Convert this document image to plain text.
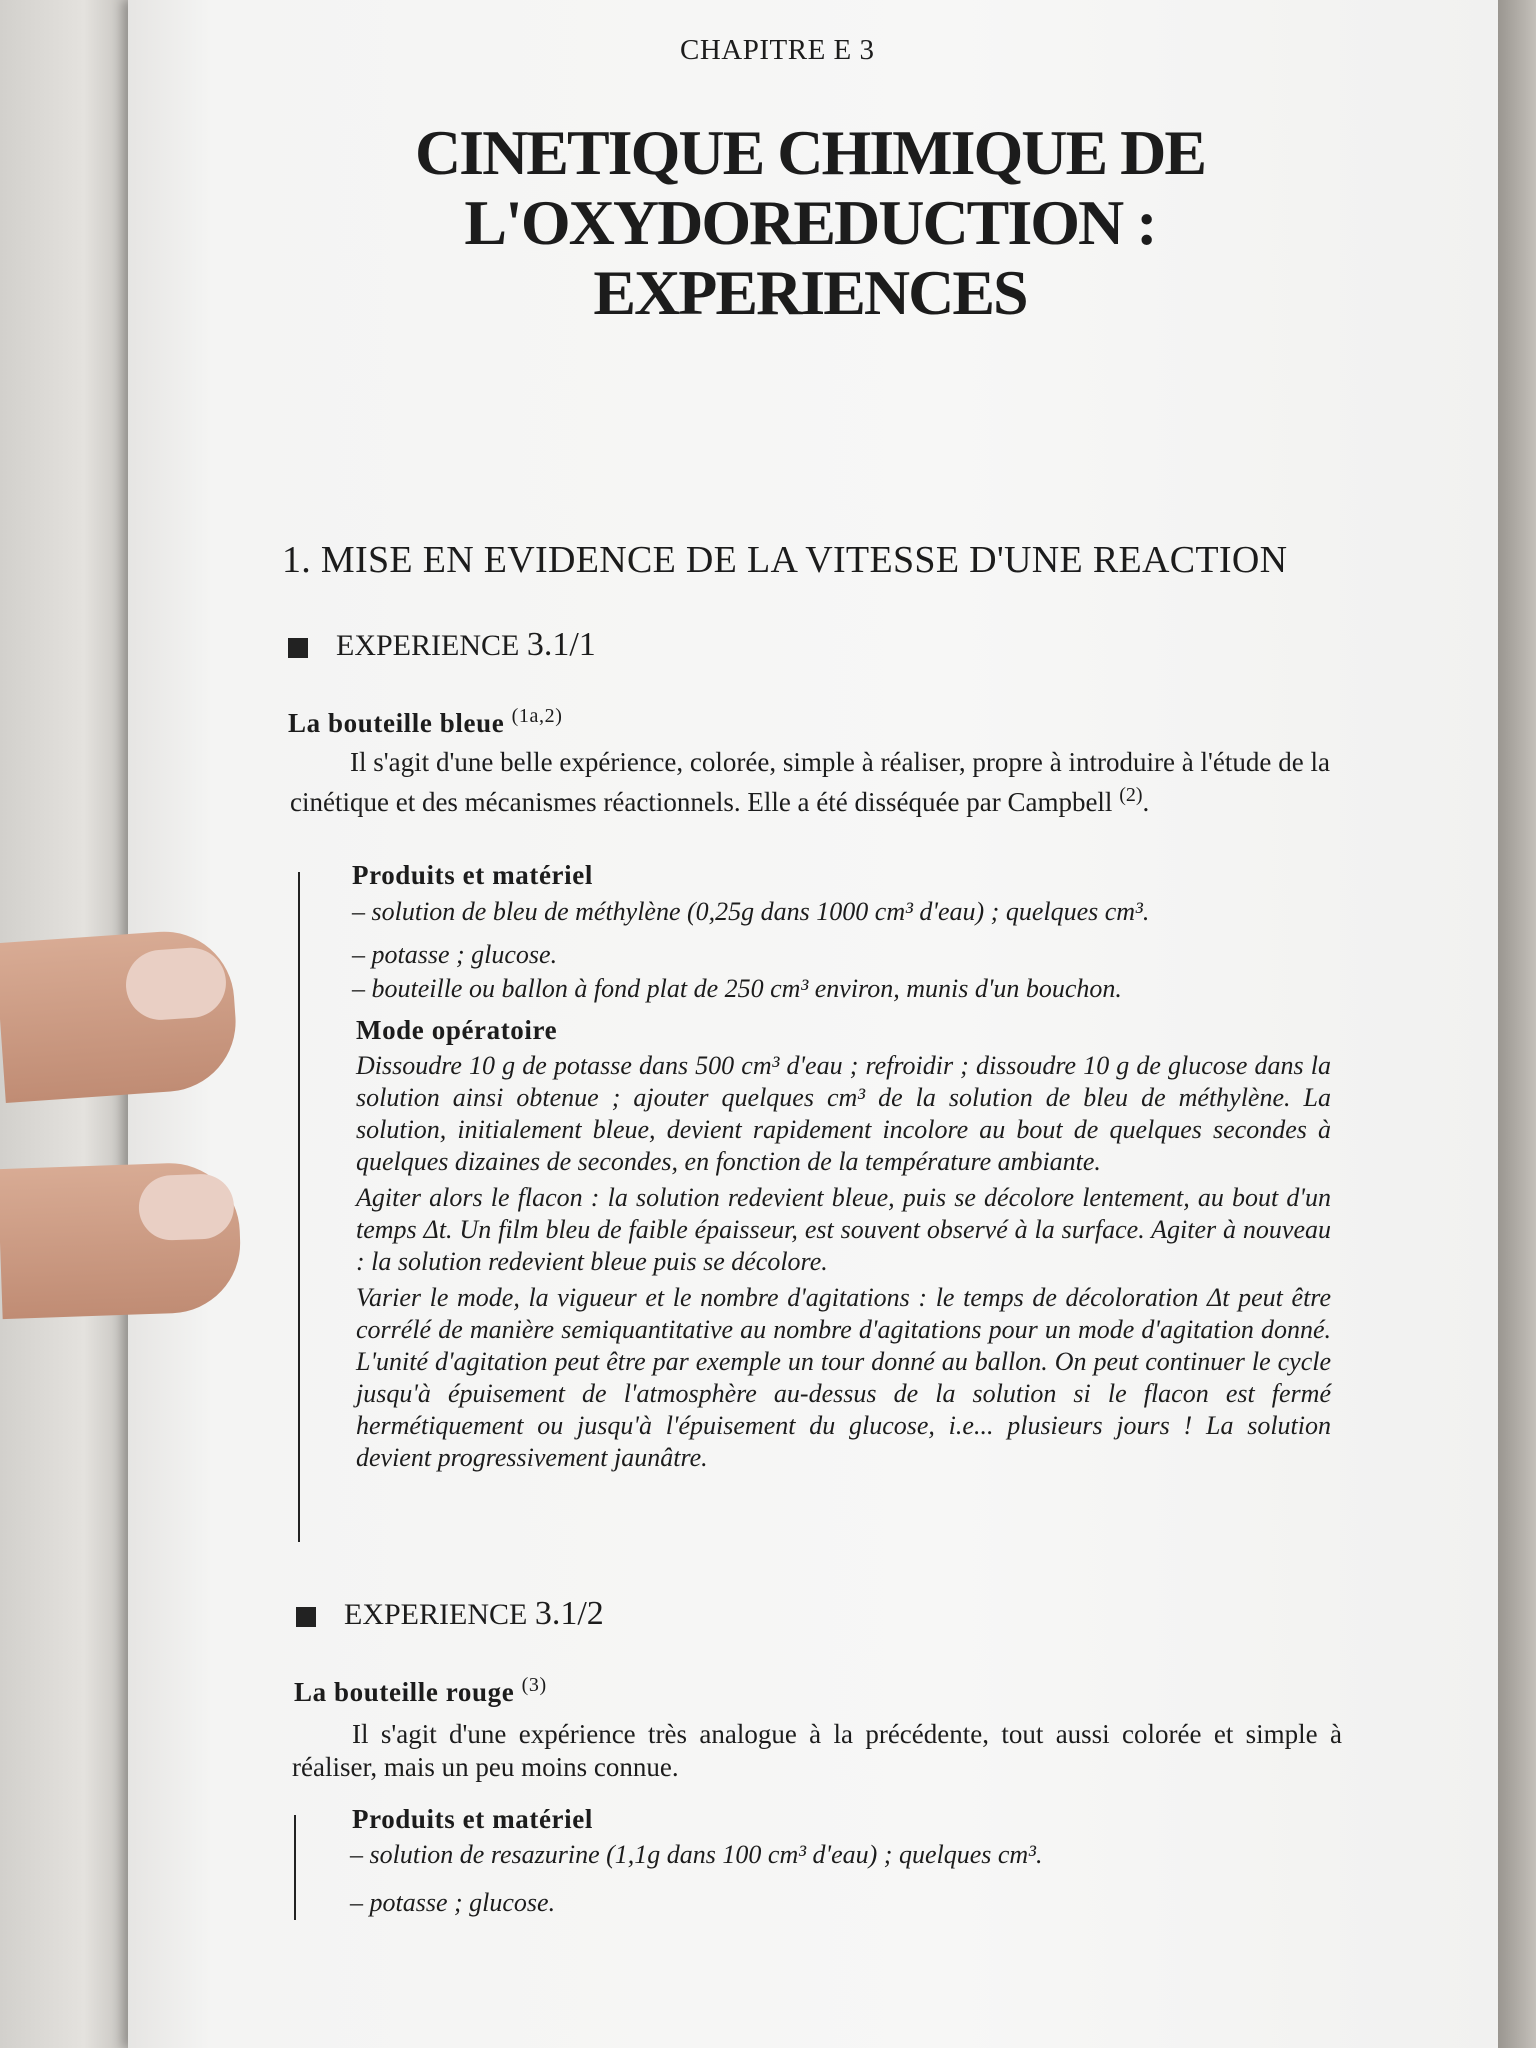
CHAPITRE E 3
CINETIQUE CHIMIQUE DE
L'OXYDOREDUCTION :
EXPERIENCES
1. MISE EN EVIDENCE DE LA VITESSE D'UNE REACTION
EXPERIENCE 3.1/1
La bouteille bleue $^{(1a,2)}$
Il s'agit d'une belle expérience, colorée, simple à réaliser, propre à introduire à l'étude de la cinétique et des mécanismes réactionnels. Elle a été disséquée par Campbell $^{(2)}$.
Produits et matériel
– solution de bleu de méthylène (0,25g dans 1000 cm³ d'eau) ; quelques cm³.
– potasse ; glucose.
– bouteille ou ballon à fond plat de 250 cm³ environ, munis d'un bouchon.
Mode opératoire

Dissoudre 10 g de potasse dans 500 cm³ d'eau ; refroidir ; dissoudre 10 g de glucose dans la solution ainsi obtenue ; ajouter quelques cm³ de la solution de bleu de méthylène. La solution, initialement bleue, devient rapidement incolore au bout de quelques secondes à quelques dizaines de secondes, en fonction de la température ambiante.

Agiter alors le flacon : la solution redevient bleue, puis se décolore lentement, au bout d'un temps Δt. Un film bleu de faible épaisseur, est souvent observé à la surface. Agiter à nouveau : la solution redevient bleue puis se décolore.

Varier le mode, la vigueur et le nombre d'agitations : le temps de décoloration Δt peut être corrélé de manière semiquantitative au nombre d'agitations pour un mode d'agitation donné. L'unité d'agitation peut être par exemple un tour donné au ballon. On peut continuer le cycle jusqu'à épuisement de l'atmosphère au-dessus de la solution si le flacon est fermé hermétiquement ou jusqu'à l'épuisement du glucose, i.e... plusieurs jours ! La solution devient progressivement jaunâtre.

EXPERIENCE 3.1/2
La bouteille rouge $^{(3)}$
Il s'agit d'une expérience très analogue à la précédente, tout aussi colorée et simple à réaliser, mais un peu moins connue.
Produits et matériel
– solution de resazurine (1,1g dans 100 cm³ d'eau) ; quelques cm³.
– potasse ; glucose.
